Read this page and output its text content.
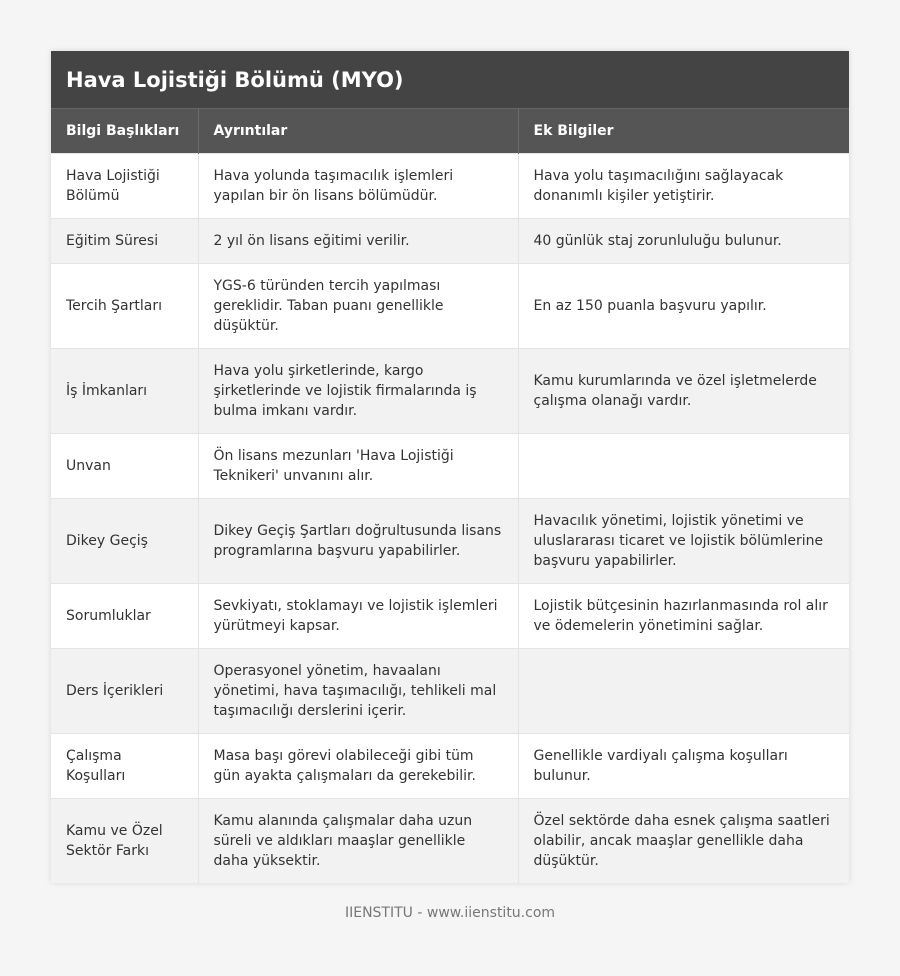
Hava Lojistiği Bölümü (MYO)
Bilgi Başlıkları	Ayrıntılar	Ek Bilgiler
Hava Lojistiği Bölümü	Hava yolunda taşımacılık işlemleri yapılan bir ön lisans bölümüdür.	Hava yolu taşımacılığını sağlayacak donanımlı kişiler yetiştirir.
Eğitim Süresi	2 yıl ön lisans eğitimi verilir.	40 günlük staj zorunluluğu bulunur.
Tercih Şartları	YGS-6 türünden tercih yapılması gereklidir. Taban puanı genellikle düşüktür.	En az 150 puanla başvuru yapılır.
İş İmkanları	Hava yolu şirketlerinde, kargo şirketlerinde ve lojistik firmalarında iş bulma imkanı vardır.	Kamu kurumlarında ve özel işletmelerde çalışma olanağı vardır.
Unvan	Ön lisans mezunları 'Hava Lojistiği Teknikeri' unvanını alır.	
Dikey Geçiş	Dikey Geçiş Şartları doğrultusunda lisans programlarına başvuru yapabilirler.	Havacılık yönetimi, lojistik yönetimi ve uluslararası ticaret ve lojistik bölümlerine başvuru yapabilirler.
Sorumluklar	Sevkiyatı, stoklamayı ve lojistik işlemleri yürütmeyi kapsar.	Lojistik bütçesinin hazırlanmasında rol alır ve ödemelerin yönetimini sağlar.
Ders İçerikleri	Operasyonel yönetim, havaalanı yönetimi, hava taşımacılığı, tehlikeli mal taşımacılığı derslerini içerir.	
Çalışma Koşulları	Masa başı görevi olabileceği gibi tüm gün ayakta çalışmaları da gerekebilir.	Genellikle vardiyalı çalışma koşulları bulunur.
Kamu ve Özel Sektör Farkı	Kamu alanında çalışmalar daha uzun süreli ve aldıkları maaşlar genellikle daha yüksektir.	Özel sektörde daha esnek çalışma saatleri olabilir, ancak maaşlar genellikle daha düşüktür.
IIENSTITU - www.iienstitu.com
